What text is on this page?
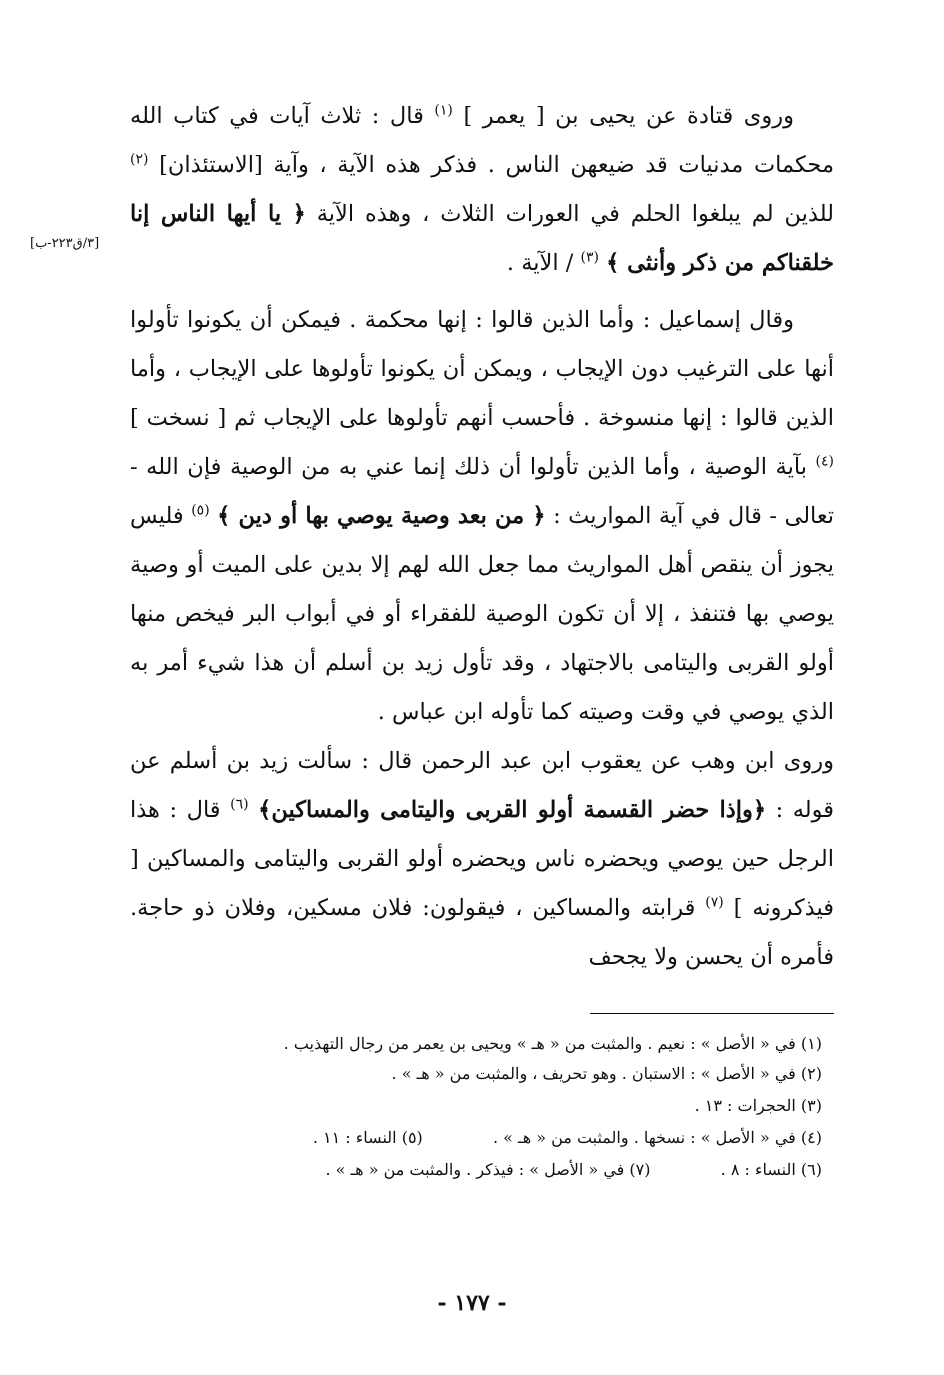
[٣/ق٢٢٣-ب]

وروى قتادة عن يحيى بن [ يعمر ] $^{(١)}$ قال : ثلاث آيات في كتاب الله محكمات مدنيات قد ضيعهن الناس . فذكر هذه الآية ، وآية [الاستئذان] $^{(٢)}$ للذين لم يبلغوا الحلم في العورات الثلاث ، وهذه الآية ﴿ يا أيها الناس إنا خلقناكم من ذكر وأنثى ﴾ $^{(٣)}$ / الآية .

وقال إسماعيل : وأما الذين قالوا : إنها محكمة . فيمكن أن يكونوا تأولوا أنها على الترغيب دون الإيجاب ، ويمكن أن يكونوا تأولوها على الإيجاب ، وأما الذين قالوا : إنها منسوخة . فأحسب أنهم تأولوها على الإيجاب ثم [ نسخت ] $^{(٤)}$ بآية الوصية ، وأما الذين تأولوا أن ذلك إنما عني به من الوصية فإن الله - تعالى - قال في آية المواريث : ﴿ من بعد وصية يوصي بها أو دين ﴾ $^{(٥)}$ فليس يجوز أن ينقص أهل المواريث مما جعل الله لهم إلا بدين على الميت أو وصية يوصي بها فتنفذ ، إلا أن تكون الوصية للفقراء أو في أبواب البر فيخص منها أولو القربى واليتامى بالاجتهاد ، وقد تأول زيد بن أسلم أن هذا شيء أمر به الذي يوصي في وقت وصيته كما تأوله ابن عباس .

وروى ابن وهب عن يعقوب ابن عبد الرحمن قال : سألت زيد بن أسلم عن قوله : ﴿وإذا حضر القسمة أولو القربى واليتامى والمساكين﴾ $^{(٦)}$ قال : هذا الرجل حين يوصي ويحضره ناس ويحضره أولو القربى واليتامى والمساكين [ فيذكرونه ] $^{(٧)}$ قرابته والمساكين ، فيقولون: فلان مسكين، وفلان ذو حاجة. فأمره أن يحسن ولا يجحف

(١) في « الأصل » : نعيم . والمثبت من « هـ » ويحيى بن يعمر من رجال التهذيب .

(٢) في « الأصل » : الاستبان . وهو تحريف ، والمثبت من « هـ » .

(٣) الحجرات : ١٣ .

(٤) في « الأصل » : نسخها . والمثبت من « هـ » .  (٥) النساء : ١١ .

(٦) النساء : ٨ .  (٧) في « الأصل » : فيذكر . والمثبت من « هـ » .

- ١٧٧ -
